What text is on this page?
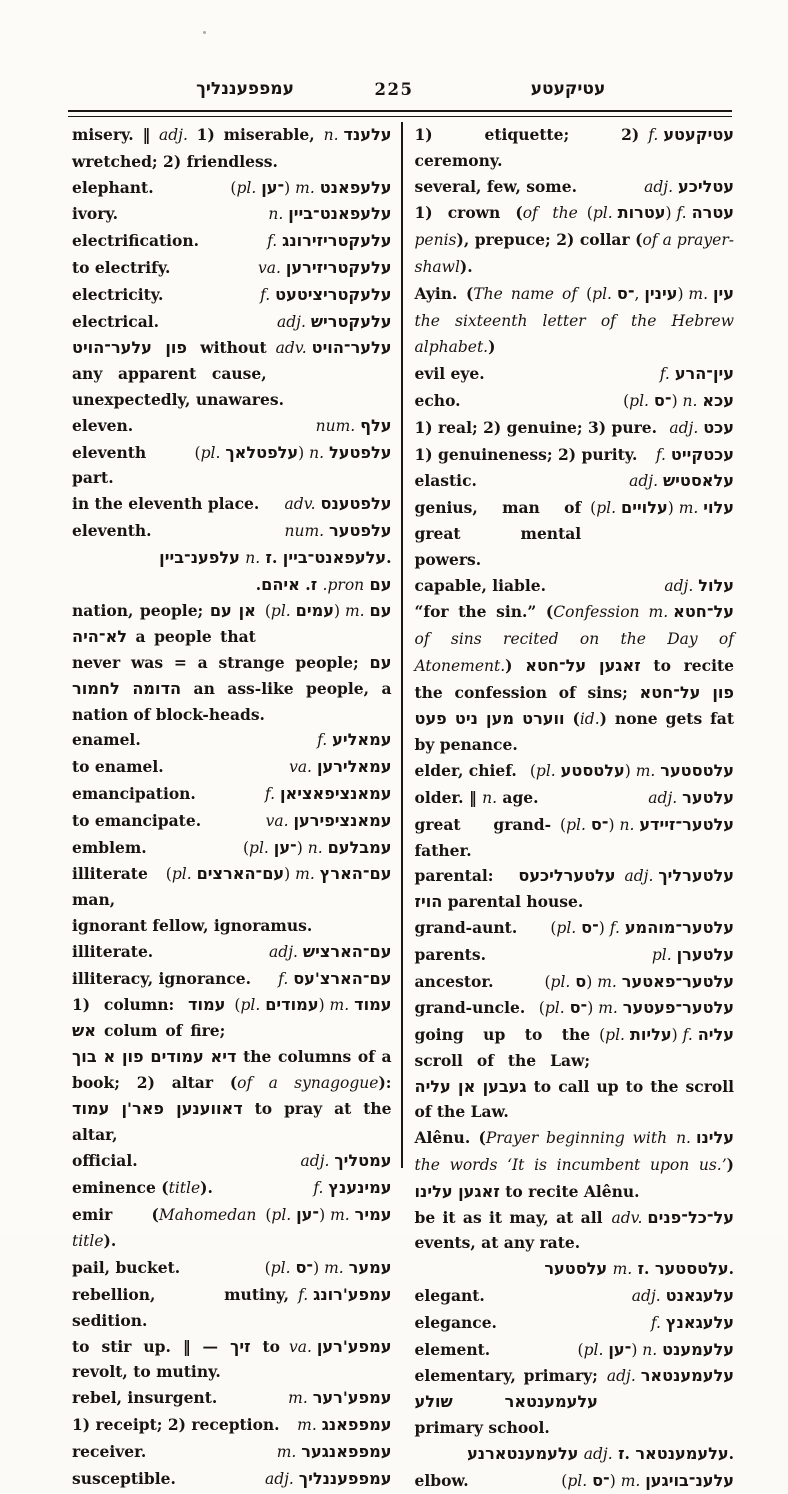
עמפפעננליך	225	עטיקעטע
n. עלענד
misery. ‖ adj. 1) miserable, wretched; 2) friendless.
(pl. ־ען) m. עלעפאנט
elephant.
n. עלעפאנט־ביין
ivory.
f. עלעקטריזירונג
electrification.
va. עלעקטריזירען
to electrify.
f. עלעקטריציטעט
electricity.
adj. עלעקטריש
electrical.
adv. עלער־הויט
פון עלער־הויט without any apparent cause, unexpectedly, unawares.
num. עלף
eleven.
(pl. עלפטלאך) n. עלפטעל
eleventh part.
adv. עלפטענס
in the eleventh place.
num. עלפטער
eleventh.
עלפענ־ביין n. ז. עלעפאנט־ביין.
עם pron. ז. איהם.
(pl. עמים) m. עם
nation, people; אן עם לא־היה a people that never was = a strange people; עם הדומה לחמור an ass-like people, a nation of block-heads.
f. עמאליע
enamel.
va. עמאלירען
to enamel.
f. עמאנציפאציאן
emancipation.
va. עמאנציפירען
to emancipate.
(pl. ־ען) n. עמבלעם
emblem.
(pl. עם־הארצים) m. עם־הארץ
illiterate man, ignorant fellow, ignoramus.
adj. עם־הארציש
illiterate.
f. עם־הארצ'עס
illiteracy, ignorance.
(pl. עמודים) m. עמוד
1) column: עמוד אש colum of fire; דיא עמודים פון א בוך the columns of a book; 2) altar (of a synagogue): דאווענען פאר'ן עמוד to pray at the altar,
adj. עמטליך
official.
f. עמינענץ
eminence (title).
(pl. ־ען) m. עמיר
emir (Mahomedan title).
(pl. ־ס) m. עמער
pail, bucket.
f. עמפע'רונג
rebellion, mutiny, sedition.
va. עמפע'רען
to stir up. ‖ — זיך to revolt, to mutiny.
m. עמפע'רער
rebel, insurgent.
m. עמפפאנג
1) receipt; 2) reception.
m. עמפפאנגער
receiver.
adj. עמפפעננליך
susceptible.
f. עטיקעטע
1) etiquette; 2) ceremony.
adj. עטליכע
several, few, some.
(pl. עטרות) f. עטרה
1) crown (of the penis), prepuce; 2) collar (of a prayer-shawl).
(pl. ־ס, עינין) m. עין
Ayin. (The name of the sixteenth letter of the Hebrew alphabet.)
f. עין־הרע
evil eye.
(pl. ־ס) n. עכא
echo.
adj. עכט
1) real; 2) genuine; 3) pure.
f. עכטקייט
1) genuineness; 2) purity.
adj. עלאסטיש
elastic.
(pl. עלויים) m. עלוי
genius, man of great mental powers.
adj. עלול
capable, liable.
m. על־חטא
“for the sin.” (Confession of sins recited on the Day of Atonement.) זאגען על־חטא to recite the confession of sins; פון על־חטא ווערט מען ניט פעט (id.) none gets fat by penance.
(pl. עלטסטע) m. עלטסטער
elder, chief.
adj. עלטער
older. ‖ n. age.
(pl. ־ס) n. עלטער־זיידע
great grand-father.
adj. עלטערליך
parental: עלטערליכעס הויז parental house.
(pl. ־ס) f. עלטער־מוהמע
grand-aunt.
pl. עלטערן
parents.
(pl. ס) m. עלטער־פאטער
ancestor.
(pl. ־ס) m. עלטער־פעטער
grand-uncle.
(pl. עליות) f. עליה
going up to the scroll of the Law; געבען אן עליה to call up to the scroll of the Law.
n. עלינו
Alênu. (Prayer beginning with the words ‘It is incumbent upon us.’) זאגען עלינו to recite Alênu.
adv. על־כל־פנים
be it as it may, at all events, at any rate.
עלסטער m. ז. עלטסטער.
adj. עלעגאנט
elegant.
f. עלעגאנץ
elegance.
(pl. ־ען) n. עלעמענט
element.
adj. עלעמענטאר
elementary, primary; עלעמענטאר שולע primary school.
עלעמענטארנע adj. ז. עלעמענטאר.
(pl. ־ס) m. עלענ־בויגען
elbow.
